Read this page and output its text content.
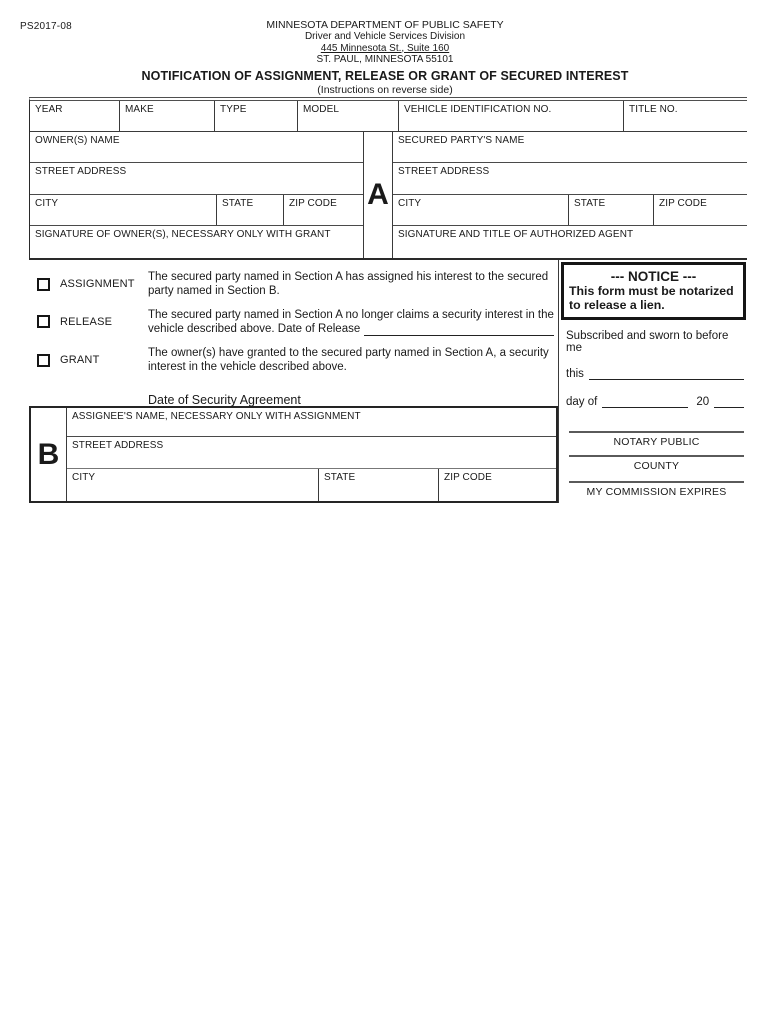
PS2017-08	MINNESOTA DEPARTMENT OF PUBLIC SAFETY
Driver and Vehicle Services Division
445 Minnesota St., Suite 160
ST. PAUL, MINNESOTA 55101
NOTIFICATION OF ASSIGNMENT, RELEASE OR GRANT OF SECURED INTEREST
(Instructions on reverse side)
YEAR	MAKE	TYPE	MODEL	VEHICLE IDENTIFICATION NO.	TITLE NO.
OWNER(S) NAME
STREET ADDRESS
CITY	STATE	ZIP CODE
SIGNATURE OF OWNER(S), NECESSARY ONLY WITH GRANT
A
SECURED PARTY'S NAME
STREET ADDRESS
CITY	STATE	ZIP CODE
SIGNATURE AND TITLE OF AUTHORIZED AGENT
ASSIGNMENT
The secured party named in Section A has assigned his interest to the secured
party named in Section B.
RELEASE
The secured party named in Section A no longer claims a security interest in the
vehicle described above. Date of Release
GRANT
The owner(s) have granted to the secured party named in Section A, a security
interest in the vehicle described above.
Date of Security Agreement
B
ASSIGNEE'S NAME, NECESSARY ONLY WITH ASSIGNMENT
STREET ADDRESS
CITY	STATE	ZIP CODE
--- NOTICE ---
This form must be notarized to release a lien.
Subscribed and sworn to before me
this
day of	20
NOTARY PUBLIC
COUNTY
MY COMMISSION EXPIRES
